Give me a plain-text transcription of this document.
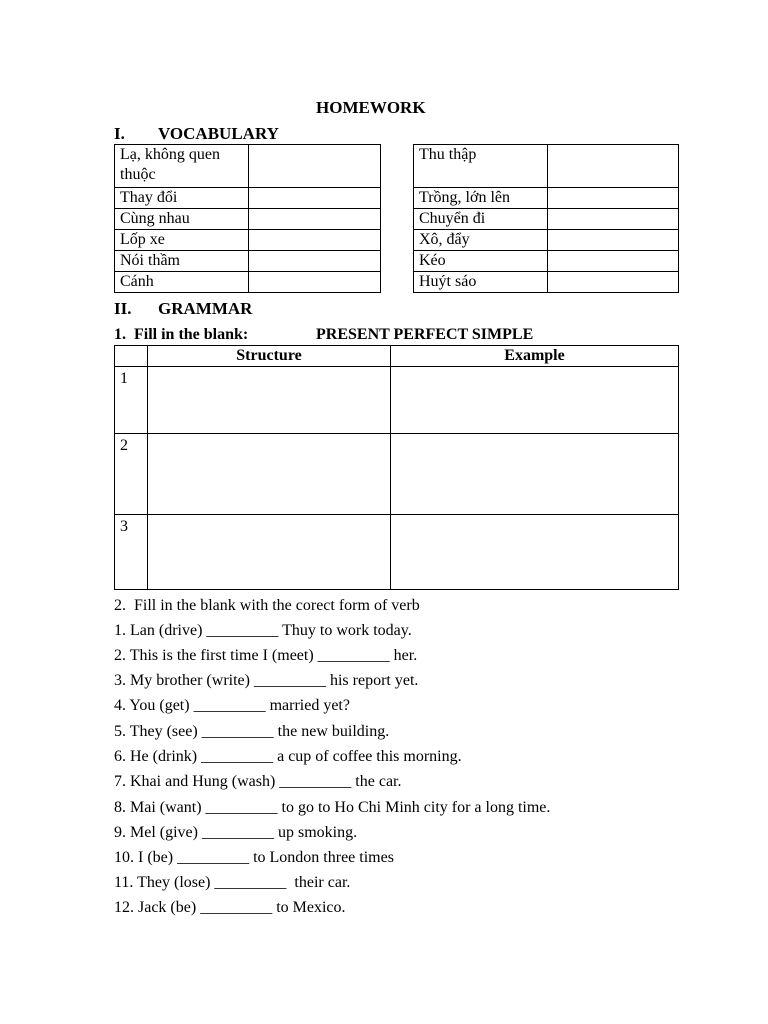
HOMEWORK
I. VOCABULARY
Lạ, không quen thuộc	
Thay đổi	
Cùng nhau	
Lốp xe	
Nói thầm	
Cánh	
Thu thập	
Trồng, lớn lên	
Chuyển đi	
Xô, đẩy	
Kéo	
Huýt sáo	
II. GRAMMAR
1.  Fill in the blank:	PRESENT PERFECT SIMPLE
	Structure	Example
1		
2		
3		
2.  Fill in the blank with the corect form of verb
1. Lan (drive) _________ Thuy to work today.
2. This is the first time I (meet) _________ her.
3. My brother (write) _________ his report yet.
4. You (get) _________ married yet?
5. They (see) _________ the new building.
6. He (drink) _________ a cup of coffee this morning.
7. Khai and Hung (wash) _________ the car.
8. Mai (want) _________ to go to Ho Chi Minh city for a long time.
9. Mel (give) _________ up smoking.
10. I (be) _________ to London three times
11. They (lose) _________  their car.
12. Jack (be) _________ to Mexico.
